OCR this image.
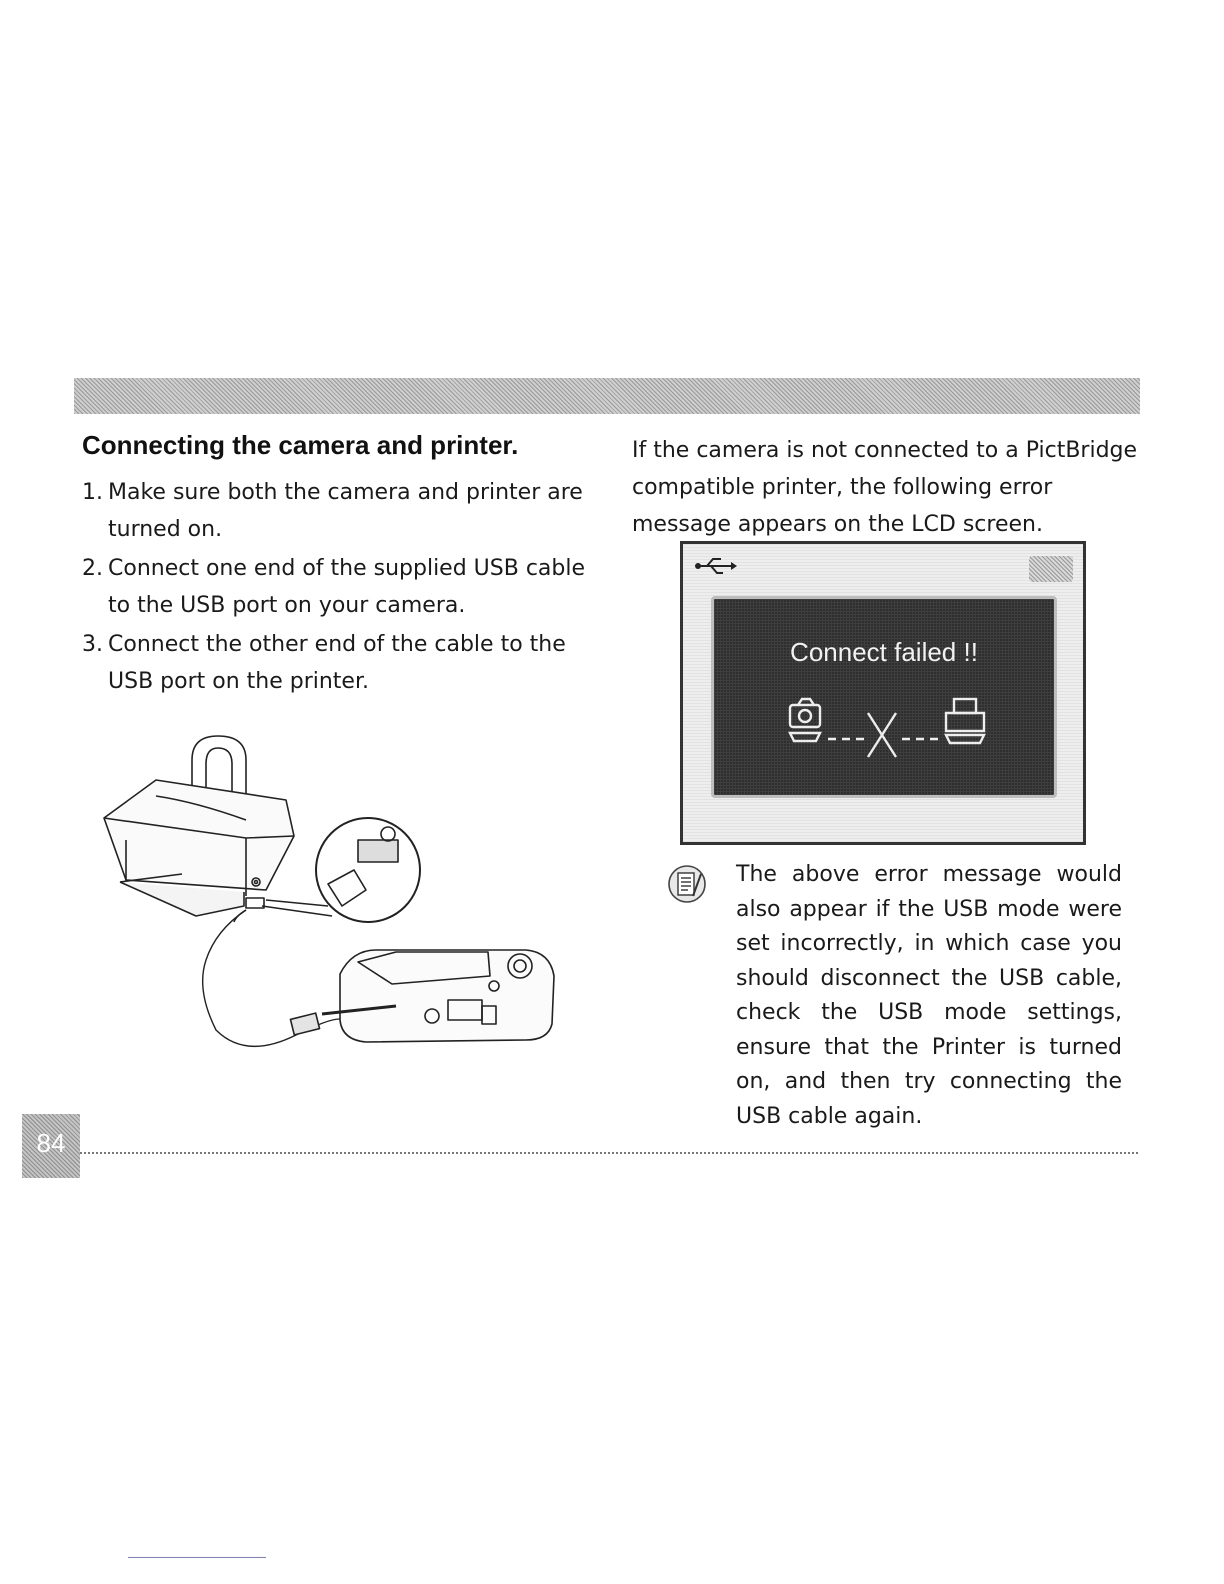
Connecting the camera and printer.
1. Make sure both the camera and printer are turned on.
2. Connect one end of the supplied USB cable to the USB port on your camera.
3. Connect the other end of the cable to the USB port on the printer.
If the camera is not connected to a PictBridge compatible printer, the following error message appears on the LCD screen.
Connect failed !!
The above error message would also appear if the USB mode were set incorrectly, in which case you should disconnect the USB cable, check the USB mode settings, ensure that the Printer is turned on, and then try connecting the USB cable again.
84
